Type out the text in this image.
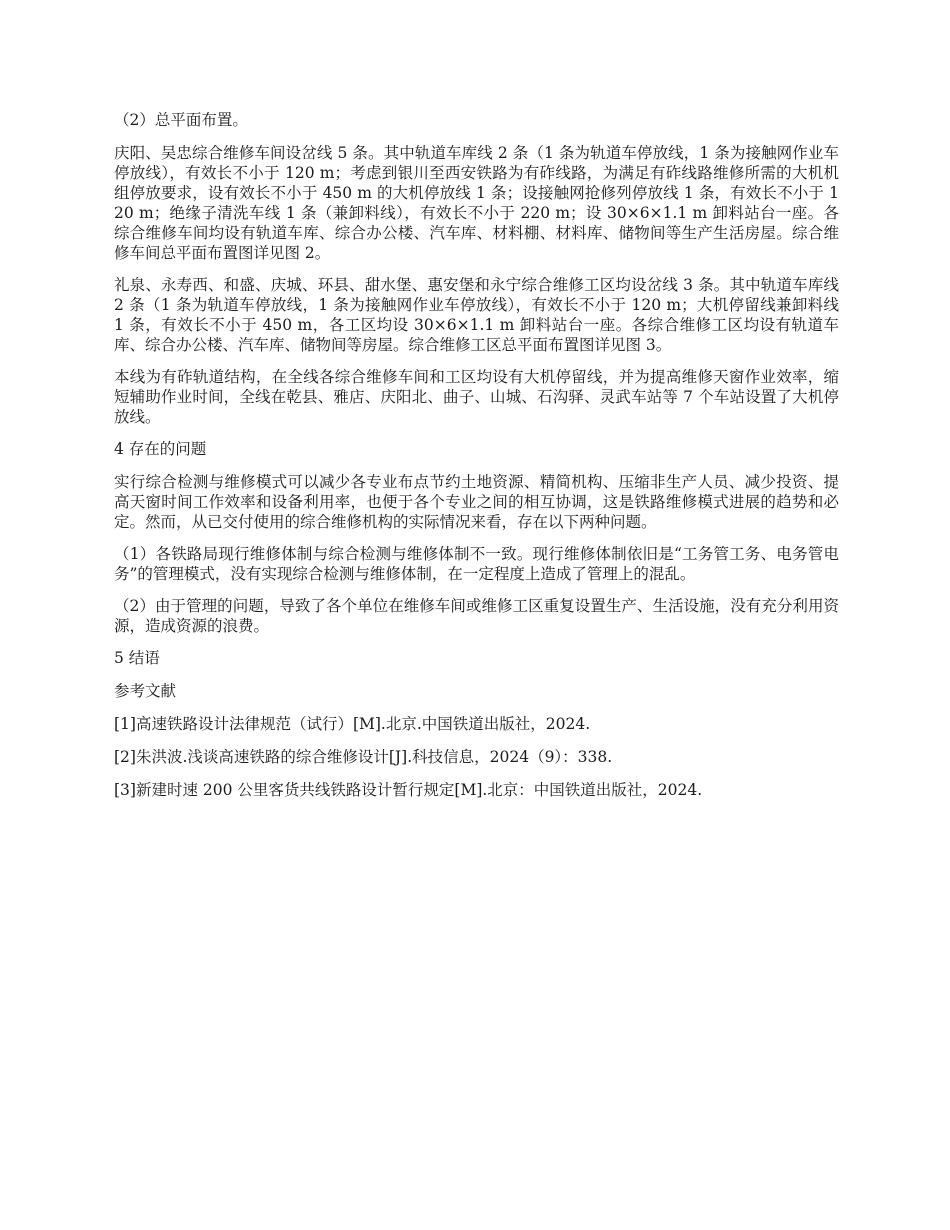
（2）总平面布置。

庆阳、吴忠综合维修车间设岔线 5 条。其中轨道车库线 2 条（1 条为轨道车停放线，1 条为接触网作业车停放线），有效长不小于 120 m；考虑到银川至西安铁路为有砟线路，为满足有砟线路维修所需的大机机组停放要求，设有效长不小于 450 m 的大机停放线 1 条；设接触网抢修列停放线 1 条，有效长不小于 120 m；绝缘子清洗车线 1 条（兼卸料线），有效长不小于 220 m；设 30×6×1.1 m 卸料站台一座。各综合维修车间均设有轨道车库、综合办公楼、汽车库、材料棚、材料库、储物间等生产生活房屋。综合维修车间总平面布置图详见图 2。

礼泉、永寿西、和盛、庆城、环县、甜水堡、惠安堡和永宁综合维修工区均设岔线 3 条。其中轨道车库线 2 条（1 条为轨道车停放线，1 条为接触网作业车停放线），有效长不小于 120 m；大机停留线兼卸料线 1 条，有效长不小于 450 m，各工区均设 30×6×1.1 m 卸料站台一座。各综合维修工区均设有轨道车库、综合办公楼、汽车库、储物间等房屋。综合维修工区总平面布置图详见图 3。

本线为有砟轨道结构，在全线各综合维修车间和工区均设有大机停留线，并为提高维修天窗作业效率，缩短辅助作业时间，全线在乾县、雅店、庆阳北、曲子、山城、石沟驿、灵武车站等 7 个车站设置了大机停放线。

4 存在的问题

实行综合检测与维修模式可以减少各专业布点节约土地资源、精简机构、压缩非生产人员、减少投资、提高天窗时间工作效率和设备利用率，也便于各个专业之间的相互协调，这是铁路维修模式进展的趋势和必定。然而，从已交付使用的综合维修机构的实际情况来看，存在以下两种问题。

（1）各铁路局现行维修体制与综合检测与维修体制不一致。现行维修体制依旧是“工务管工务、电务管电务”的管理模式，没有实现综合检测与维修体制，在一定程度上造成了管理上的混乱。

（2）由于管理的问题，导致了各个单位在维修车间或维修工区重复设置生产、生活设施，没有充分利用资源，造成资源的浪费。

5 结语

参考文献

[1]高速铁路设计法律规范（试行）[M].北京.中国铁道出版社，2024.

[2]朱洪波.浅谈高速铁路的综合维修设计[J].科技信息，2024（9）：338.

[3]新建时速 200 公里客货共线铁路设计暂行规定[M].北京：中国铁道出版社，2024.
